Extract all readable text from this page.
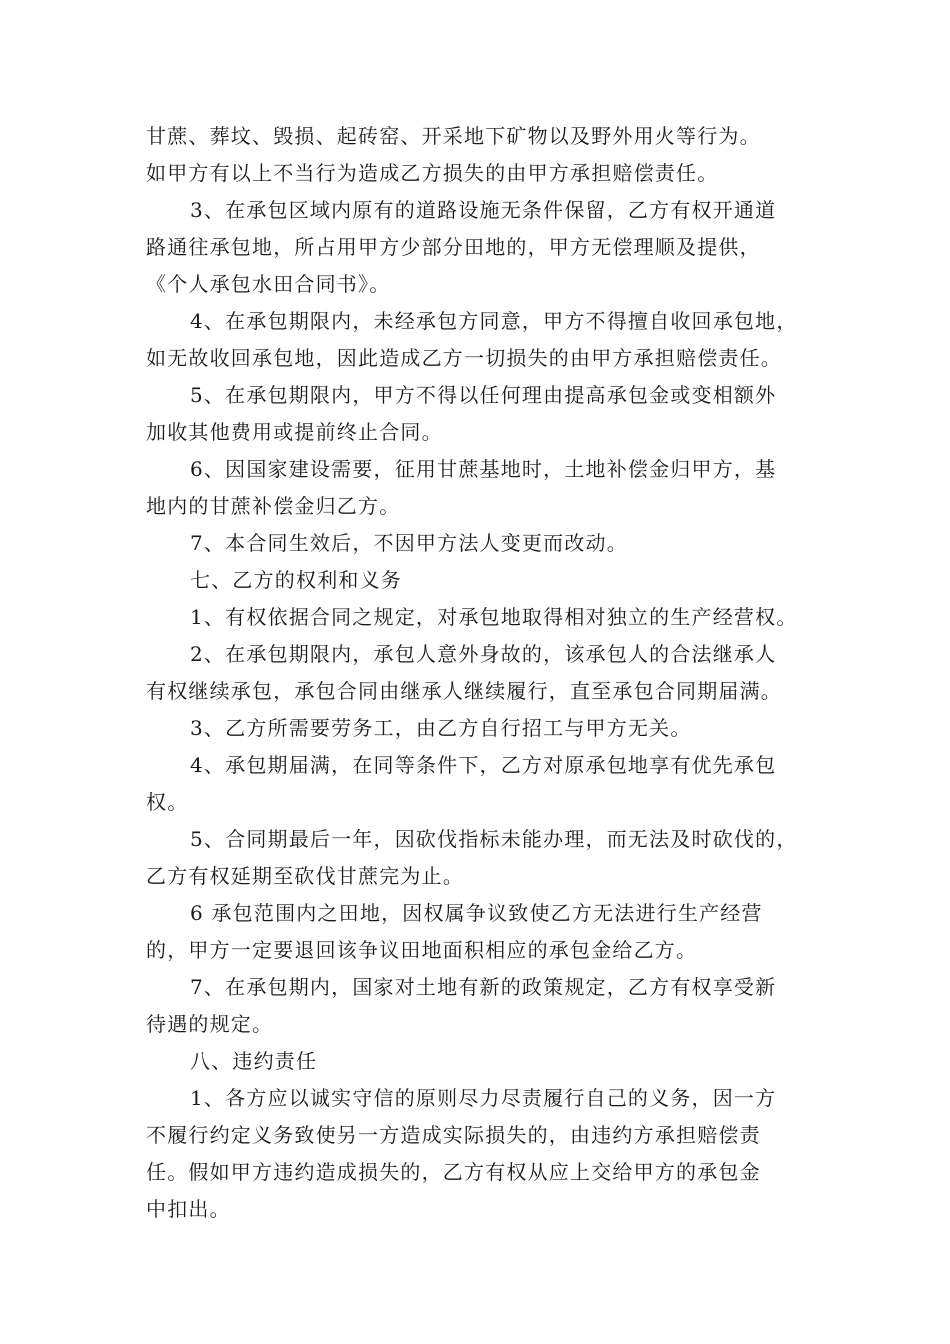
甘蔗、葬坟、毁损、起砖窑、开采地下矿物以及野外用火等行为。
如甲方有以上不当行为造成乙方损失的由甲方承担赔偿责任。
3、在承包区域内原有的道路设施无条件保留，乙方有权开通道
路通往承包地，所占用甲方少部分田地的，甲方无偿理顺及提供，
《个人承包水田合同书》。
4、在承包期限内，未经承包方同意，甲方不得擅自收回承包地，
如无故收回承包地，因此造成乙方一切损失的由甲方承担赔偿责任。
5、在承包期限内，甲方不得以任何理由提高承包金或变相额外
加收其他费用或提前终止合同。
6、因国家建设需要，征用甘蔗基地时，土地补偿金归甲方，基
地内的甘蔗补偿金归乙方。
7、本合同生效后，不因甲方法人变更而改动。
七、乙方的权利和义务
1、有权依据合同之规定，对承包地取得相对独立的生产经营权。
2、在承包期限内，承包人意外身故的，该承包人的合法继承人
有权继续承包，承包合同由继承人继续履行，直至承包合同期届满。
3、乙方所需要劳务工，由乙方自行招工与甲方无关。
4、承包期届满，在同等条件下，乙方对原承包地享有优先承包
权。
5、合同期最后一年，因砍伐指标未能办理，而无法及时砍伐的，
乙方有权延期至砍伐甘蔗完为止。
6 承包范围内之田地，因权属争议致使乙方无法进行生产经营
的，甲方一定要退回该争议田地面积相应的承包金给乙方。
7、在承包期内，国家对土地有新的政策规定，乙方有权享受新
待遇的规定。
八、违约责任
1、各方应以诚实守信的原则尽力尽责履行自己的义务，因一方
不履行约定义务致使另一方造成实际损失的，由违约方承担赔偿责
任。假如甲方违约造成损失的，乙方有权从应上交给甲方的承包金
中扣出。
